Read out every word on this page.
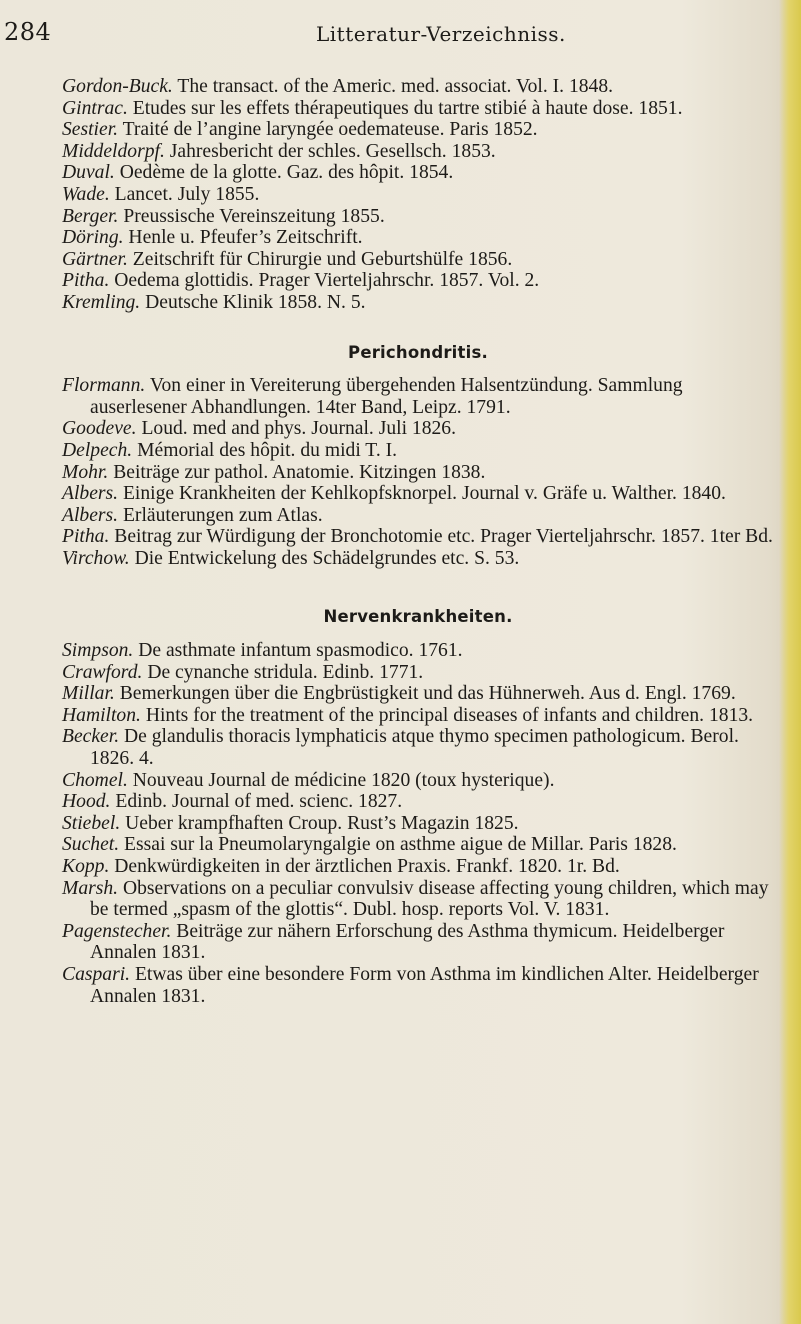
284	Litteratur-Verzeichniss.
Gordon-Buck. The transact. of the Americ. med. associat. Vol. I. 1848.
Gintrac. Etudes sur les effets thérapeutiques du tartre stibié à haute dose. 1851.
Sestier. Traité de l’angine laryngée oedemateuse. Paris 1852.
Middeldorpf. Jahresbericht der schles. Gesellsch. 1853.
Duval. Oedème de la glotte. Gaz. des hôpit. 1854.
Wade. Lancet. July 1855.
Berger. Preussische Vereinszeitung 1855.
Döring. Henle u. Pfeufer’s Zeitschrift.
Gärtner. Zeitschrift für Chirurgie und Geburtshülfe 1856.
Pitha. Oedema glottidis. Prager Vierteljahrschr. 1857. Vol. 2.
Kremling. Deutsche Klinik 1858. N. 5.
Perichondritis.
Flormann. Von einer in Vereiterung übergehenden Halsentzündung. Sammlung auserlesener Abhandlungen. 14ter Band, Leipz. 1791.
Goodeve. Loud. med and phys. Journal. Juli 1826.
Delpech. Mémorial des hôpit. du midi T. I.
Mohr. Beiträge zur pathol. Anatomie. Kitzingen 1838.
Albers. Einige Krankheiten der Kehlkopfsknorpel. Journal v. Gräfe u. Walther. 1840.
Albers. Erläuterungen zum Atlas.
Pitha. Beitrag zur Würdigung der Bronchotomie etc. Prager Vierteljahrschr. 1857. 1ter Bd.
Virchow. Die Entwickelung des Schädelgrundes etc. S. 53.
Nervenkrankheiten.
Simpson. De asthmate infantum spasmodico. 1761.
Crawford. De cynanche stridula. Edinb. 1771.
Millar. Bemerkungen über die Engbrüstigkeit und das Hühnerweh. Aus d. Engl. 1769.
Hamilton. Hints for the treatment of the principal diseases of infants and children. 1813.
Becker. De glandulis thoracis lymphaticis atque thymo specimen pathologicum. Berol. 1826. 4.
Chomel. Nouveau Journal de médicine 1820 (toux hysterique).
Hood. Edinb. Journal of med. scienc. 1827.
Stiebel. Ueber krampfhaften Croup. Rust’s Magazin 1825.
Suchet. Essai sur la Pneumolaryngalgie on asthme aigue de Millar. Paris 1828.
Kopp. Denkwürdigkeiten in der ärztlichen Praxis. Frankf. 1820. 1r. Bd.
Marsh. Observations on a peculiar convulsiv disease affecting young children, which may be termed „spasm of the glottis“. Dubl. hosp. reports Vol. V. 1831.
Pagenstecher. Beiträge zur nähern Erforschung des Asthma thymicum. Heidelberger Annalen 1831.
Caspari. Etwas über eine besondere Form von Asthma im kindlichen Alter. Heidelberger Annalen 1831.
